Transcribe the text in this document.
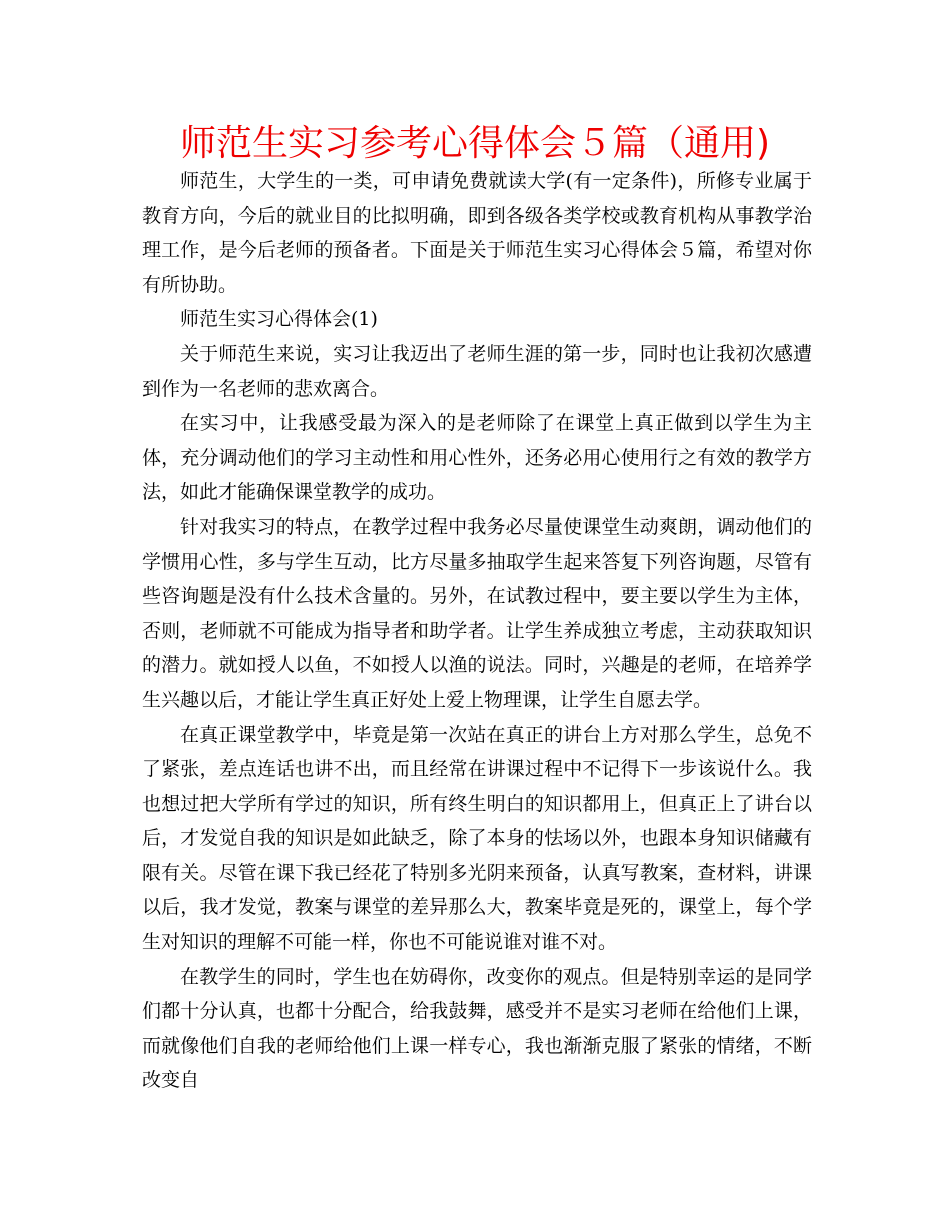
师范生实习参考心得体会５篇（通用)

师范生，大学生的一类，可申请免费就读大学(有一定条件)，所修专业属于教育方向，今后的就业目的比拟明确，即到各级各类学校或教育机构从事教学治理工作，是今后老师的预备者。下面是关于师范生实习心得体会５篇，希望对你有所协助。

师范生实习心得体会(1)

关于师范生来说，实习让我迈出了老师生涯的第一步，同时也让我初次感遭到作为一名老师的悲欢离合。

在实习中，让我感受最为深入的是老师除了在课堂上真正做到以学生为主体，充分调动他们的学习主动性和用心性外，还务必用心使用行之有效的教学方法，如此才能确保课堂教学的成功。

针对我实习的特点，在教学过程中我务必尽量使课堂生动爽朗，调动他们的学惯用心性，多与学生互动，比方尽量多抽取学生起来答复下列咨询题，尽管有些咨询题是没有什么技术含量的。另外，在试教过程中，要主要以学生为主体，否则，老师就不可能成为指导者和助学者。让学生养成独立考虑，主动获取知识的潜力。就如授人以鱼，不如授人以渔的说法。同时，兴趣是的老师，在培养学生兴趣以后，才能让学生真正好处上爱上物理课，让学生自愿去学。

在真正课堂教学中，毕竟是第一次站在真正的讲台上方对那么学生，总免不了紧张，差点连话也讲不出，而且经常在讲课过程中不记得下一步该说什么。我也想过把大学所有学过的知识，所有终生明白的知识都用上，但真正上了讲台以后，才发觉自我的知识是如此缺乏，除了本身的怯场以外，也跟本身知识储藏有限有关。尽管在课下我已经花了特别多光阴来预备，认真写教案，查材料，讲课以后，我才发觉，教案与课堂的差异那么大，教案毕竟是死的，课堂上，每个学生对知识的理解不可能一样，你也不可能说谁对谁不对。

在教学生的同时，学生也在妨碍你，改变你的观点。但是特别幸运的是同学们都十分认真，也都十分配合，给我鼓舞，感受并不是实习老师在给他们上课，而就像他们自我的老师给他们上课一样专心，我也渐渐克服了紧张的情绪，不断改变自
